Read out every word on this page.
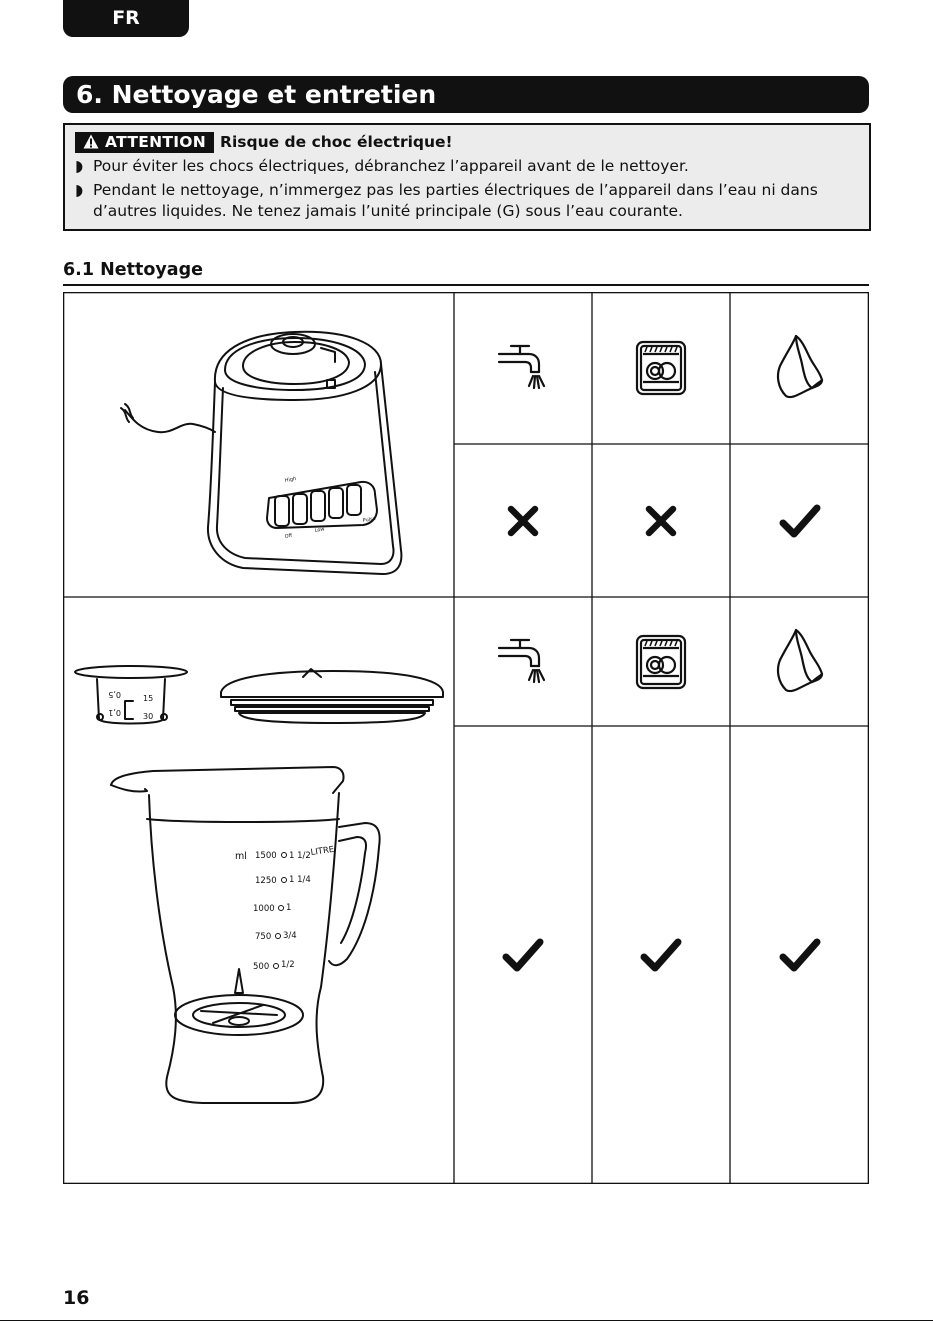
FR
6. Nettoyage et entretien
ATTENTION Risque de choc électrique!
◗ Pour éviter les chocs électriques, débranchez l’appareil avant de le nettoyer.
◗ Pendant le nettoyage, n’immergez pas les parties électriques de l’appareil dans l’eau ni dans d’autres liquides. Ne tenez jamais l’unité principale (G) sous l’eau courante.
6.1 Nettoyage
High
Low
Off
Pulse
0,5	15
0,1	30
ml 1500 1 1/2 LITRE
1250 1 1/4
1000 1
750 3/4
500 1/2
16
